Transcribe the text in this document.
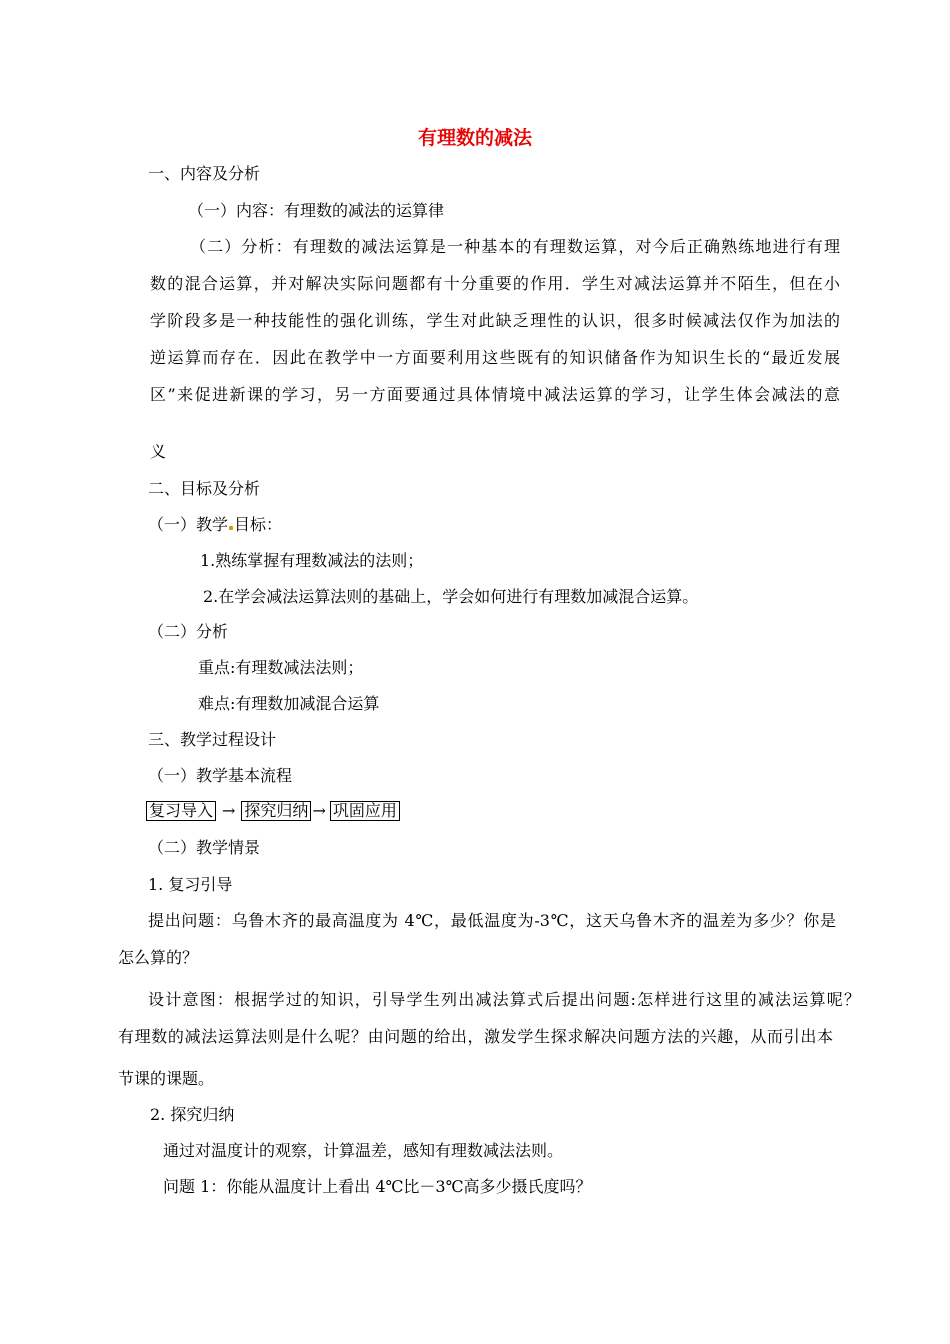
有理数的减法
一、内容及分析
（一）内容：有理数的减法的运算律
（二）分析：有理数的减法运算是一种基本的有理数运算，对今后正确熟练地进行有理
数的混合运算，并对解决实际问题都有十分重要的作用．学生对减法运算并不陌生，但在小
学阶段多是一种技能性的强化训练，学生对此缺乏理性的认识，很多时候减法仅作为加法的
逆运算而存在．因此在教学中一方面要利用这些既有的知识储备作为知识生长的“最近发展
区”来促进新课的学习，另一方面要通过具体情境中减法运算的学习，让学生体会减法的意
义
二、目标及分析
（一）教学 目标：
1.熟练掌握有理数减法的法则；
2.在学会减法运算法则的基础上，学会如何进行有理数加减混合运算。
（二）分析
重点:有理数减法法则；
难点:有理数加减混合运算
三、教学过程设计
（一）教学基本流程
复习导入 → 探究归纳 → 巩固应用
（二）教学情景
1. 复习引导
提出问题：乌鲁木齐的最高温度为 4℃，最低温度为-3℃，这天乌鲁木齐的温差为多少？你是
怎么算的？
设计意图：根据学过的知识，引导学生列出减法算式后提出问题:怎样进行这里的减法运算呢？
有理数的减法运算法则是什么呢？由问题的给出，激发学生探求解决问题方法的兴趣，从而引出本
节课的课题。
2. 探究归纳
通过对温度计的观察，计算温差，感知有理数减法法则。
问题 1：你能从温度计上看出 4℃比－3℃高多少摄氏度吗？
